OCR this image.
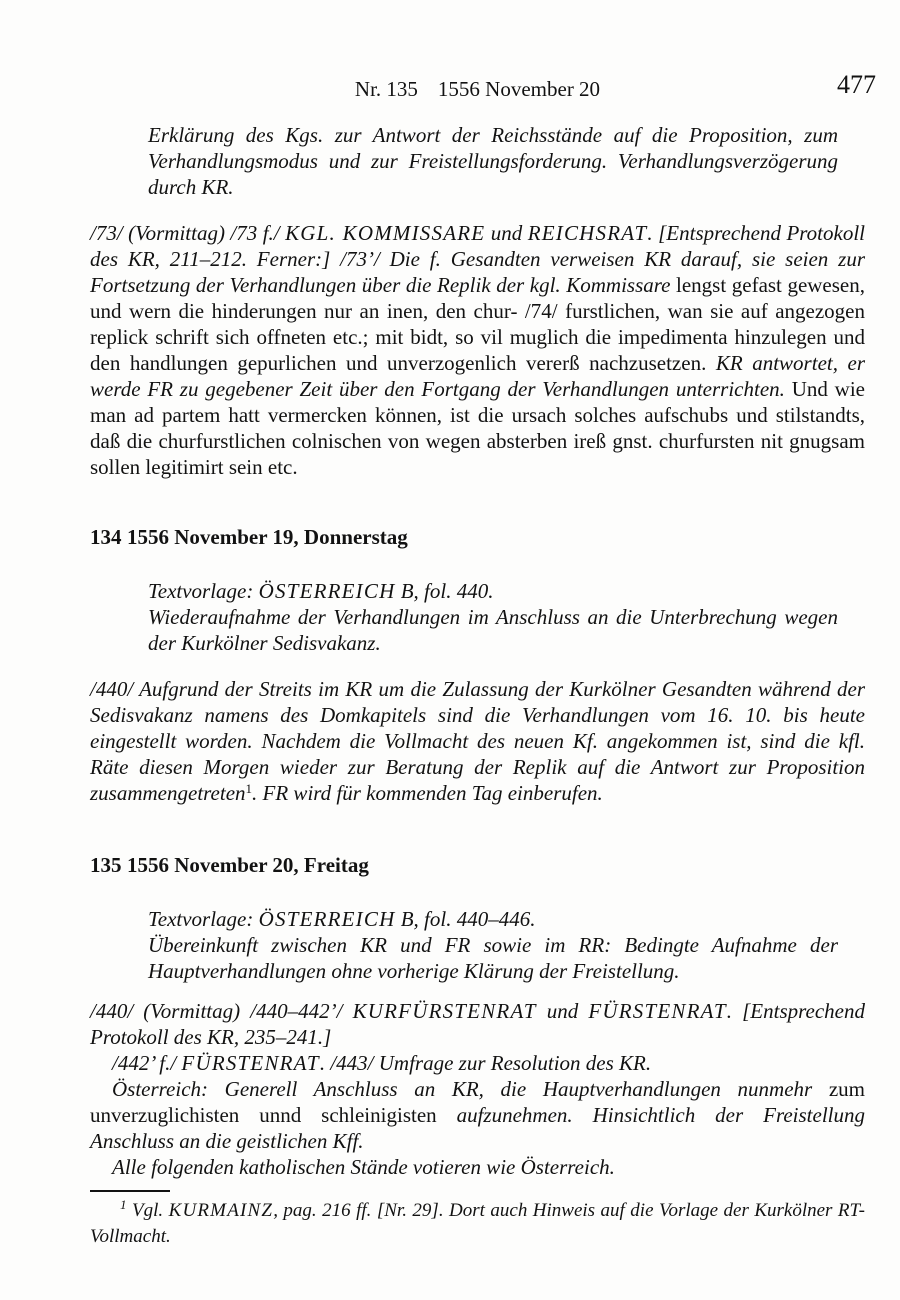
Nr. 135 1556 November 20	477

Erklärung des Kgs. zur Antwort der Reichsstände auf die Proposition, zum Verhandlungsmodus und zur Freistellungsforderung. Verhandlungsverzögerung durch KR.

/73/ (Vormittag) /73 f./ KGL. KOMMISSARE und REICHSRAT. [Entsprechend Protokoll des KR, 211–212. Ferner:] /73’/ Die f. Gesandten verweisen KR darauf, sie seien zur Fortsetzung der Verhandlungen über die Replik der kgl. Kommissare lengst gefast gewesen, und wern die hinderungen nur an inen, den chur- /74/ furstlichen, wan sie auf angezogen replick schrift sich offneten etc.; mit bidt, so vil muglich die impedimenta hinzulegen und den handlungen gepurlichen und unverzogenlich vererß nachzusetzen. KR antwortet, er werde FR zu gegebener Zeit über den Fortgang der Verhandlungen unterrichten. Und wie man ad partem hatt vermercken können, ist die ursach solches aufschubs und stilstandts, daß die churfurstlichen colnischen von wegen absterben ireß gnst. churfursten nit gnugsam sollen legitimirt sein etc.

134 1556 November 19, Donnerstag

Textvorlage: ÖSTERREICH B, fol. 440.

Wiederaufnahme der Verhandlungen im Anschluss an die Unterbrechung wegen der Kurkölner Sedisvakanz.

/440/ Aufgrund der Streits im KR um die Zulassung der Kurkölner Gesandten während der Sedisvakanz namens des Domkapitels sind die Verhandlungen vom 16. 10. bis heute eingestellt worden. Nachdem die Vollmacht des neuen Kf. angekommen ist, sind die kfl. Räte diesen Morgen wieder zur Beratung der Replik auf die Antwort zur Proposition zusammengetreten$^1$. FR wird für kommenden Tag einberufen.

135 1556 November 20, Freitag

Textvorlage: ÖSTERREICH B, fol. 440–446.

Übereinkunft zwischen KR und FR sowie im RR: Bedingte Aufnahme der Hauptverhandlungen ohne vorherige Klärung der Freistellung.

/440/ (Vormittag) /440–442’/ KURFÜRSTENRAT und FÜRSTENRAT. [Entsprechend Protokoll des KR, 235–241.]

/442’ f./ FÜRSTENRAT. /443/ Umfrage zur Resolution des KR.

Österreich: Generell Anschluss an KR, die Hauptverhandlungen nunmehr zum unverzuglichisten unnd schleinigisten aufzunehmen. Hinsichtlich der Freistellung Anschluss an die geistlichen Kff.

Alle folgenden katholischen Stände votieren wie Österreich.

$^1$ Vgl. KURMAINZ, pag. 216 ff. [Nr. 29]. Dort auch Hinweis auf die Vorlage der Kurkölner RT-Vollmacht.
